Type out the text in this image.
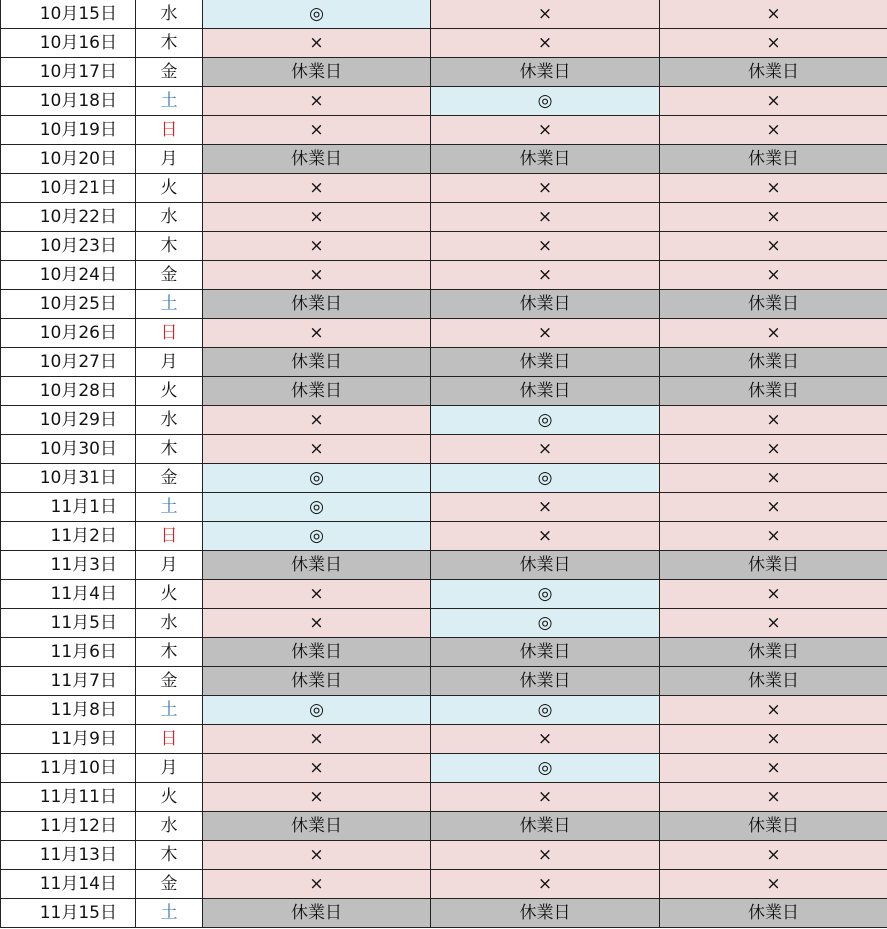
10月15日	水	◎	×	×
10月16日	木	×	×	×
10月17日	金	休業日	休業日	休業日
10月18日	土	×	◎	×
10月19日	日	×	×	×
10月20日	月	休業日	休業日	休業日
10月21日	火	×	×	×
10月22日	水	×	×	×
10月23日	木	×	×	×
10月24日	金	×	×	×
10月25日	土	休業日	休業日	休業日
10月26日	日	×	×	×
10月27日	月	休業日	休業日	休業日
10月28日	火	休業日	休業日	休業日
10月29日	水	×	◎	×
10月30日	木	×	×	×
10月31日	金	◎	◎	×
11月1日	土	◎	×	×
11月2日	日	◎	×	×
11月3日	月	休業日	休業日	休業日
11月4日	火	×	◎	×
11月5日	水	×	◎	×
11月6日	木	休業日	休業日	休業日
11月7日	金	休業日	休業日	休業日
11月8日	土	◎	◎	×
11月9日	日	×	×	×
11月10日	月	×	◎	×
11月11日	火	×	×	×
11月12日	水	休業日	休業日	休業日
11月13日	木	×	×	×
11月14日	金	×	×	×
11月15日	土	休業日	休業日	休業日
